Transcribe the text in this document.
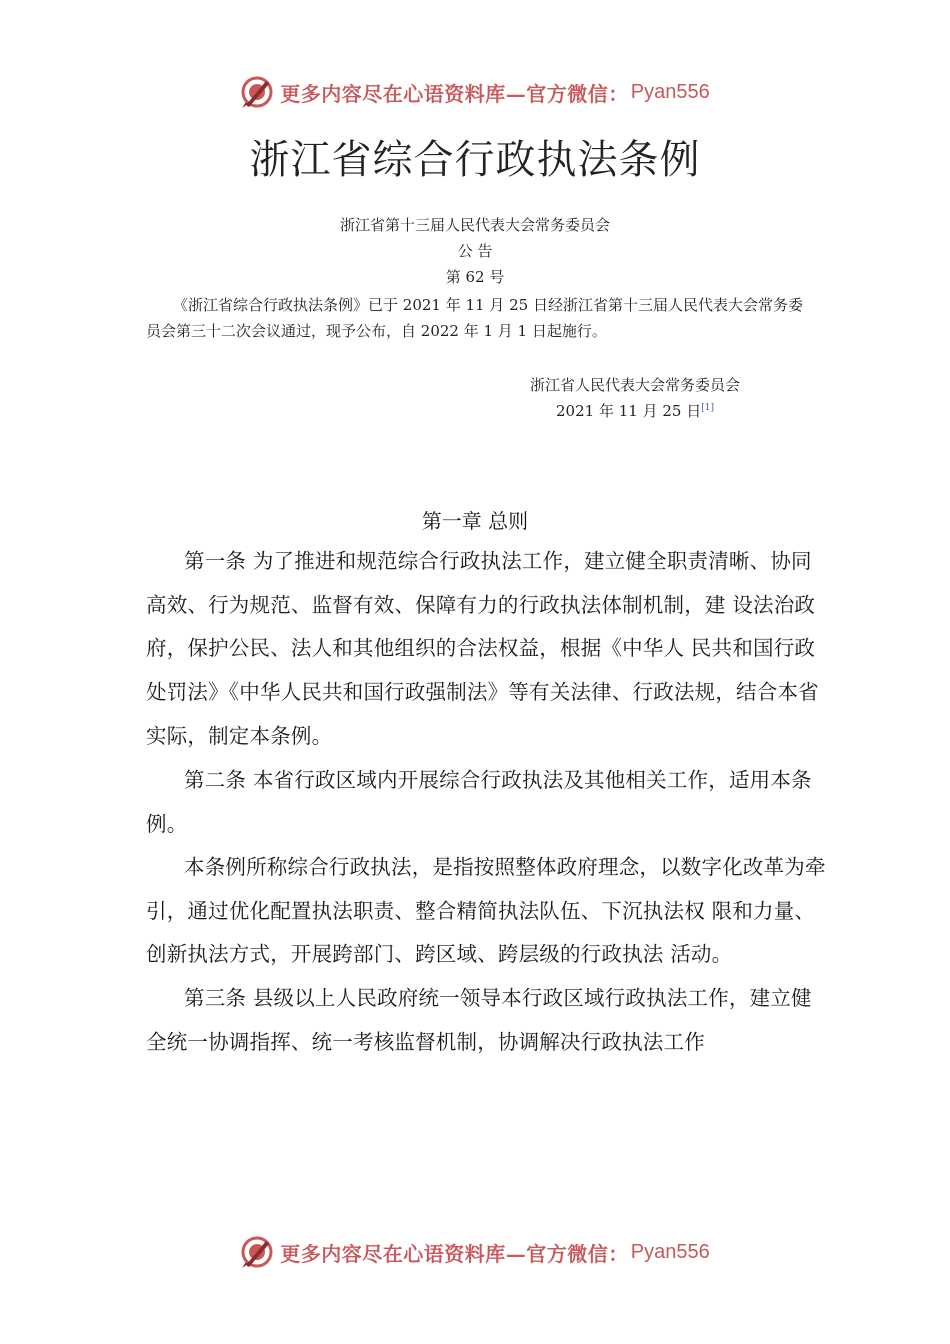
更多内容尽在心语资料库—官方微信： Pyan556
浙江省综合行政执法条例
浙江省第十三届人民代表大会常务委员会
公 告
第 62 号
《浙江省综合行政执法条例》已于 2021 年 11 月 25 日经浙江省第十三届人民代表大会常务委员会第三十二次会议通过，现予公布，自 2022 年 1 月 1 日起施行。
浙江省人民代表大会常务委员会
2021 年 11 月 25 日[1]
第一章 总则
第一条 为了推进和规范综合行政执法工作，建立健全职责清晰、协同高效、行为规范、监督有效、保障有力的行政执法体制机制，建 设法治政府，保护公民、法人和其他组织的合法权益，根据《中华人 民共和国行政处罚法》《中华人民共和国行政强制法》等有关法律、行政法规，结合本省实际，制定本条例。
第二条 本省行政区域内开展综合行政执法及其他相关工作，适用本条例。
本条例所称综合行政执法，是指按照整体政府理念，以数字化改革为牵引，通过优化配置执法职责、整合精简执法队伍、下沉执法权 限和力量、创新执法方式，开展跨部门、跨区域、跨层级的行政执法 活动。
第三条 县级以上人民政府统一领导本行政区域行政执法工作，建立健全统一协调指挥、统一考核监督机制，协调解决行政执法工作
更多内容尽在心语资料库—官方微信： Pyan556
